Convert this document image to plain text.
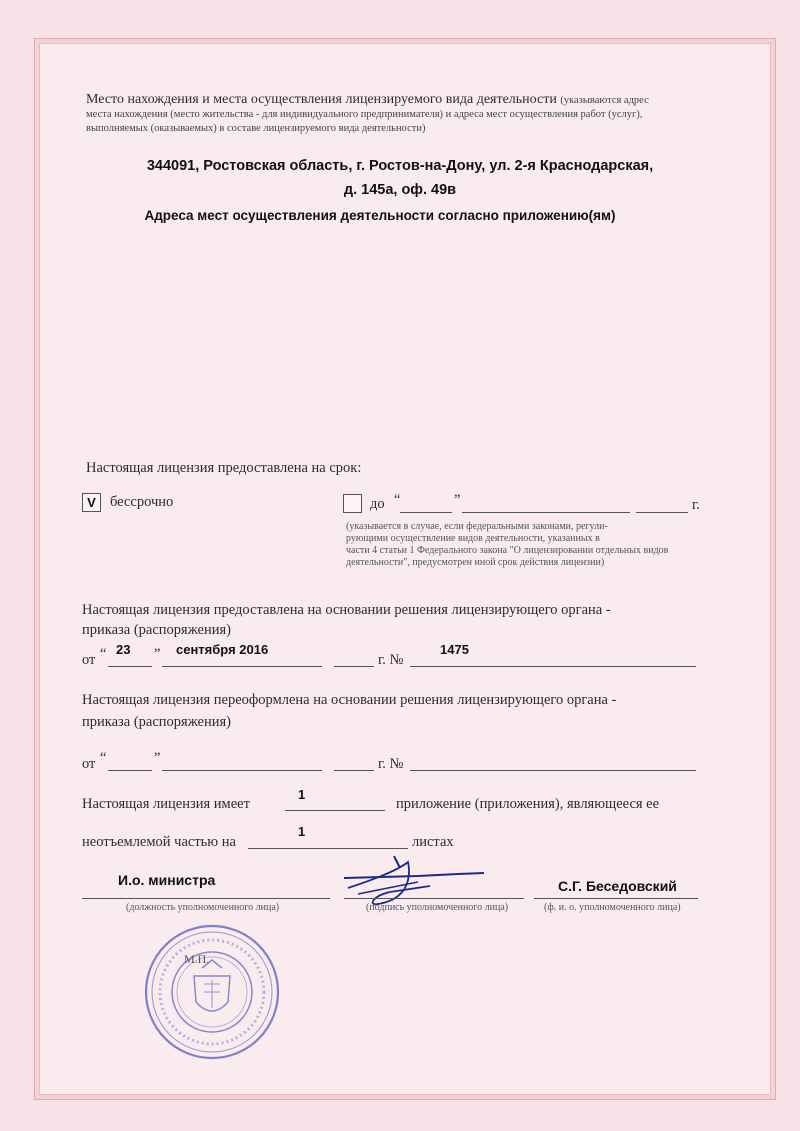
Место нахождения и места осуществления лицензируемого вида деятельности (указываются адрес
места нахождения (место жительства - для индивидуального предпринимателя) и адреса мест осуществления работ (услуг),
выполняемых (оказываемых) в составе лицензируемого вида деятельности)
344091, Ростовская область, г. Ростов-на-Дону, ул. 2-я Краснодарская,
д. 145а, оф. 49в
Адреса мест осуществления деятельности согласно приложению(ям)
Настоящая лицензия предоставлена на срок:
V бессрочно	до “	”	г.
(указывается в случае, если федеральными законами, регули-
рующими осуществление видов деятельности, указанных в
части 4 статьи 1 Федерального закона "О лицензировании отдельных видов
деятельности", предусмотрен иной срок действия лицензии)
Настоящая лицензия предоставлена на основании решения лицензирующего органа -
приказа (распоряжения)
от “ 23 ” сентября 2016
г. №
1475
Настоящая лицензия переоформлена на основании решения лицензирующего органа -
приказа (распоряжения)
от “	”	г. №
Настоящая лицензия имеет
1
приложение (приложения), являющееся ее
неотъемлемой частью на
1
листах
И.о. министра
(должность уполномоченного лица)	(подпись уполномоченного лица)
С.Г. Беседовский
(ф. и. о. уполномоченного лица)
М.П.
